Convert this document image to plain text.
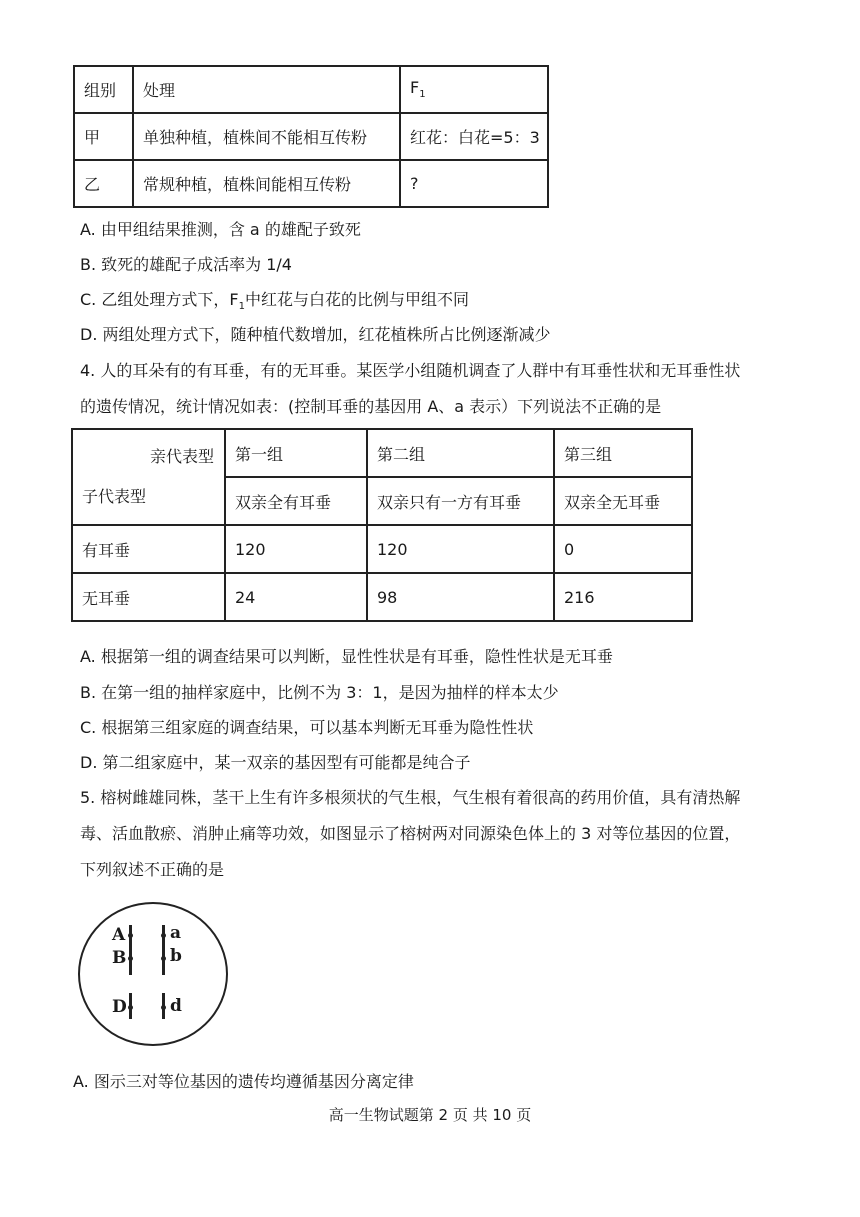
组别	处理	$F_1$
甲	单独种植，植株间不能相互传粉	红花：白花=5：3
乙	常规种植，植株间能相互传粉	?
A. 由甲组结果推测，含 a 的雄配子致死
B. 致死的雄配子成活率为 1/4
C. 乙组处理方式下，$F_1$中红花与白花的比例与甲组不同
D. 两组处理方式下，随种植代数增加，红花植株所占比例逐渐减少
4. 人的耳朵有的有耳垂，有的无耳垂。某医学小组随机调查了人群中有耳垂性状和无耳垂性状
的遗传情况，统计情况如表：(控制耳垂的基因用 A、a 表示）下列说法不正确的是
亲代表型
子代表型	第一组	第二组	第三组
	双亲全有耳垂	双亲只有一方有耳垂	双亲全无耳垂
有耳垂	120	120	0
无耳垂	24	98	216
A. 根据第一组的调查结果可以判断，显性性状是有耳垂，隐性性状是无耳垂
B. 在第一组的抽样家庭中，比例不为 3：1，是因为抽样的样本太少
C. 根据第三组家庭的调查结果，可以基本判断无耳垂为隐性性状
D. 第二组家庭中，某一双亲的基因型有可能都是纯合子
5. 榕树雌雄同株，茎干上生有许多根须状的气生根，气生根有着很高的药用价值，具有清热解
毒、活血散瘀、消肿止痛等功效，如图显示了榕树两对同源染色体上的 3 对等位基因的位置，
下列叙述不正确的是
A
B
D
a
b
d
A. 图示三对等位基因的遗传均遵循基因分离定律
高一生物试题第 2 页 共 10 页
